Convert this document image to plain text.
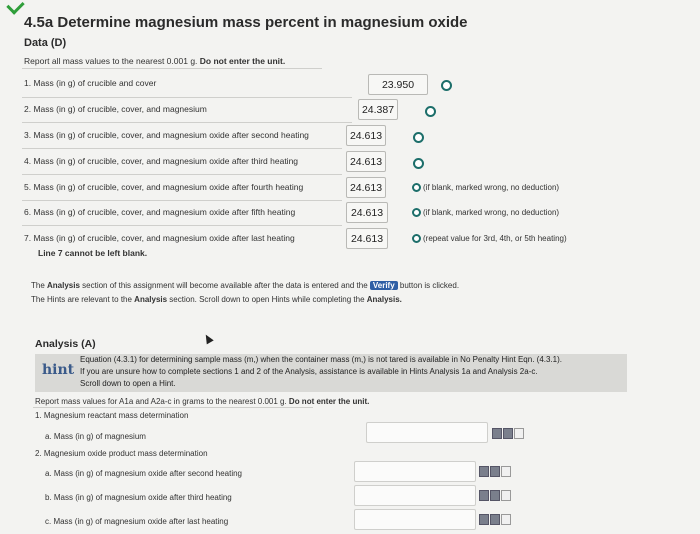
4.5a Determine magnesium mass percent in magnesium oxide
Data (D)
Report all mass values to the nearest 0.001 g. Do not enter the unit.
1. Mass (in g) of crucible and cover	23.950
2. Mass (in g) of crucible, cover, and magnesium	24.387
3. Mass (in g) of crucible, cover, and magnesium oxide after second heating	24.613
4. Mass (in g) of crucible, cover, and magnesium oxide after third heating	24.613
5. Mass (in g) of crucible, cover, and magnesium oxide after fourth heating	24.613	(if blank, marked wrong, no deduction)
6. Mass (in g) of crucible, cover, and magnesium oxide after fifth heating	24.613	(if blank, marked wrong, no deduction)
7. Mass (in g) of crucible, cover, and magnesium oxide after last heating	24.613	(repeat value for 3rd, 4th, or 5th heating)
Line 7 cannot be left blank.
The Analysis section of this assignment will become available after the data is entered and the Verify button is clicked.
The Hints are relevant to the Analysis section. Scroll down to open Hints while completing the Analysis.
Analysis (A)
hint
Equation (4.3.1) for determining sample mass (m,) when the container mass (m,) is not tared is available in No Penalty Hint Eqn. (4.3.1).
If you are unsure how to complete sections 1 and 2 of the Analysis, assistance is available in Hints Analysis 1a and Analysis 2a-c.
Scroll down to open a Hint.
Report mass values for A1a and A2a-c in grams to the nearest 0.001 g. Do not enter the unit.
1. Magnesium reactant mass determination
a. Mass (in g) of magnesium
2. Magnesium oxide product mass determination
a. Mass (in g) of magnesium oxide after second heating
b. Mass (in g) of magnesium oxide after third heating
c. Mass (in g) of magnesium oxide after last heating
